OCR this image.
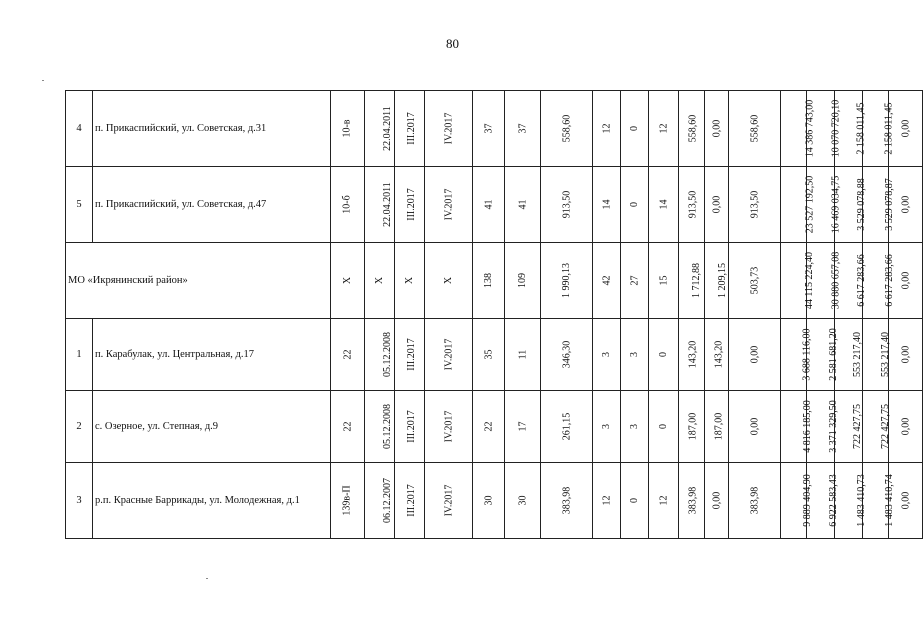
80
4	п. Прикаспийский, ул. Советская, д.31	10-в	22.04.2011	III.2017	IV.2017	37	37	558,60	12	0	12	558,60	0,00	558,60	14 386 743,00	10 070 720,10	2 158 011,45	2 158 011,45	0,00
5	п. Прикаспийский, ул. Советская, д.47	10-б	22.04.2011	III.2017	IV.2017	41	41	913,50	14	0	14	913,50	0,00	913,50	23 527 192,50	16 469 034,75	3 529 078,88	3 529 078,87	0,00
МО «Икрянинский район»		Х	Х	Х	Х	138	109	1 990,13	42	27	15	1 712,88	1 209,15	503,73	44 115 224,40	30 880 657,08	6 617 283,66	6 617 283,66	0,00
1	п. Карабулак, ул. Центральная, д.17	22	05.12.2008	III.2017	IV.2017	35	11	346,30	3	3	0	143,20	143,20	0,00	3 688 116,00	2 581 681,20	553 217,40	553 217,40	0,00
2	с. Озерное, ул. Степная, д.9	22	05.12.2008	III.2017	IV.2017	22	17	261,15	3	3	0	187,00	187,00	0,00	4 816 185,00	3 371 329,50	722 427,75	722 427,75	0,00
3	р.п. Красные Баррикады, ул. Молодежная, д.1	139в-П	06.12.2007	III.2017	IV.2017	30	30	383,98	12	0	12	383,98	0,00	383,98	9 889 404,90	6 922 583,43	1 483 410,73	1 483 410,74	0,00
